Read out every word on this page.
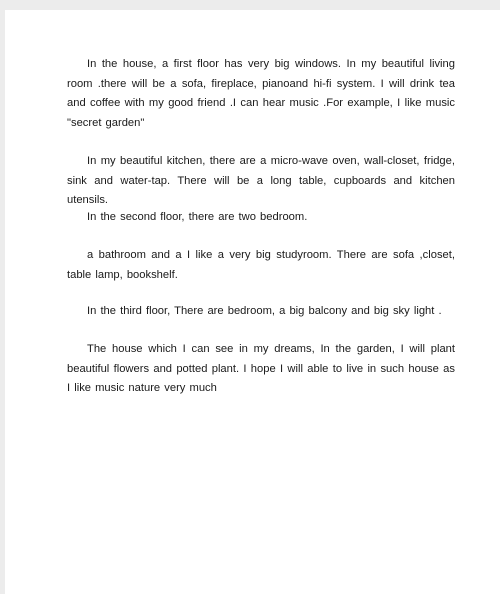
In the house, a first floor has very big windows. In my beautiful living room .there will be a sofa, fireplace, pianoand hi-fi system. I will drink tea and coffee with my good friend .I can hear music .For example, I like music "secret garden"

In my beautiful kitchen, there are a micro-wave oven, wall-closet, fridge, sink and water-tap. There will be a long table, cupboards and kitchen utensils.

In the second floor, there are two bedroom.

a bathroom and a I like a very big studyroom. There are sofa ,closet, table lamp, bookshelf.

In the third floor, There are bedroom, a big balcony and big sky light .

The house which I can see in my dreams, In the garden, I will plant beautiful flowers and potted plant. I hope I will able to live in such house as I like music nature very much
